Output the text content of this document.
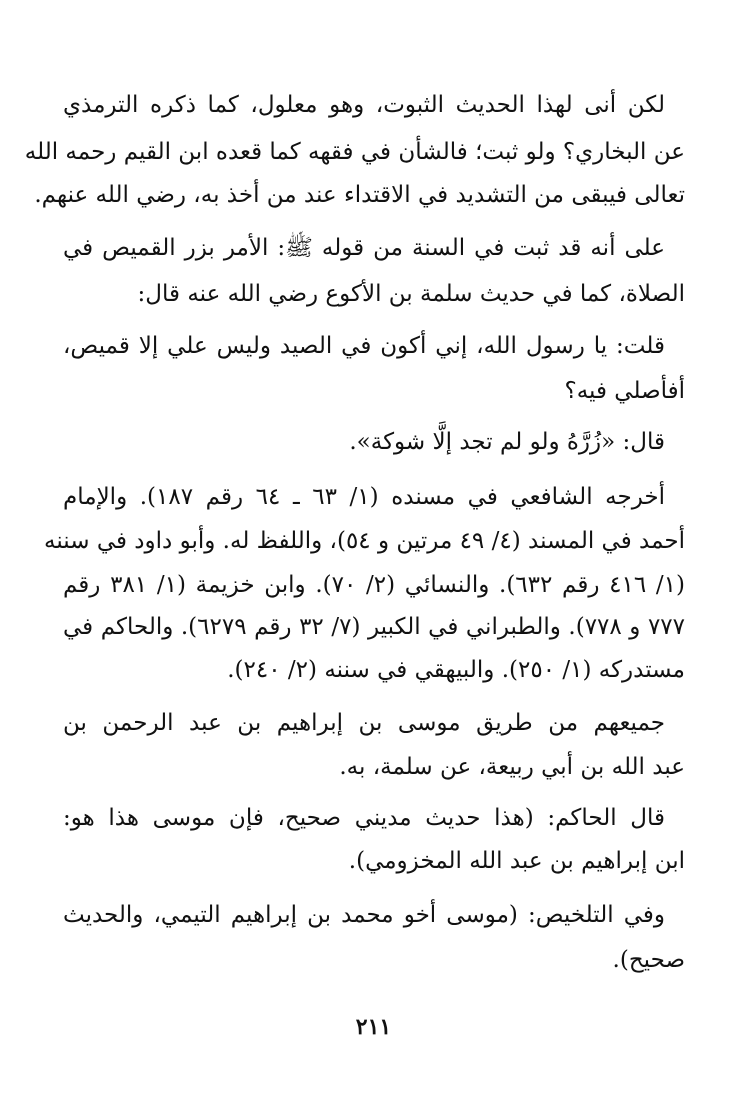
لكن أنى لهذا الحديث الثبوت، وهو معلول، كما ذكره الترمذي
عن البخاري؟ ولو ثبت؛ فالشأن في فقهه كما قعده ابن القيم رحمه الله
تعالى فيبقى من التشديد في الاقتداء عند من أخذ به، رضي الله عنهم.
على أنه قد ثبت في السنة من قوله ﷺ: الأمر بزر القميص في
الصلاة، كما في حديث سلمة بن الأكوع رضي الله عنه قال:
قلت: يا رسول الله، إني أكون في الصيد وليس علي إلا قميص،
أفأصلي فيه؟
قال: «زُرَّهُ ولو لم تجد إلَّا شوكة».
أخرجه الشافعي في مسنده (١/ ٦٣ ـ ٦٤ رقم ١٨٧). والإمام
أحمد في المسند (٤/ ٤٩ مرتين و ٥٤)، واللفظ له. وأبو داود في سننه
(١/ ٤١٦ رقم ٦٣٢). والنسائي (٢/ ٧٠). وابن خزيمة (١/ ٣٨١ رقم
٧٧٧ و ٧٧٨). والطبراني في الكبير (٧/ ٣٢ رقم ٦٢٧٩). والحاكم في
مستدركه (١/ ٢٥٠). والبيهقي في سننه (٢/ ٢٤٠).
جميعهم من طريق موسى بن إبراهيم بن عبد الرحمن بن
عبد الله بن أبي ربيعة، عن سلمة، به.
قال الحاكم: (هذا حديث مديني صحيح، فإن موسى هذا هو:
ابن إبراهيم بن عبد الله المخزومي).
وفي التلخيص: (موسى أخو محمد بن إبراهيم التيمي، والحديث
صحيح).
٢١١
